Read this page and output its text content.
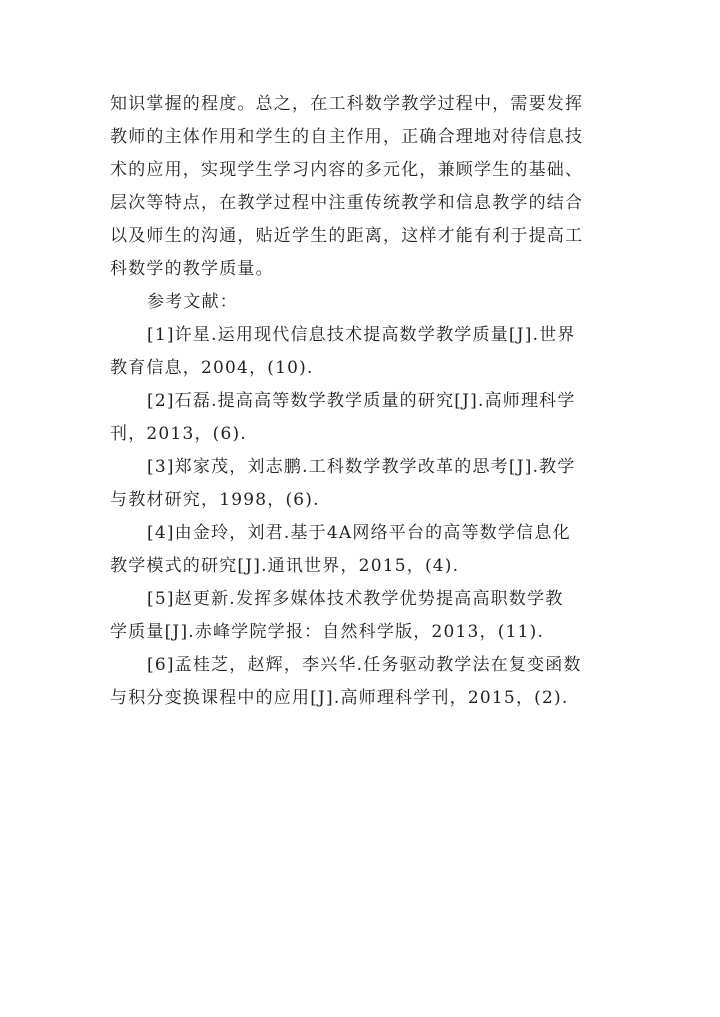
知识掌握的程度。总之，在工科数学教学过程中，需要发挥
教师的主体作用和学生的自主作用，正确合理地对待信息技
术的应用，实现学生学习内容的多元化，兼顾学生的基础、
层次等特点，在教学过程中注重传统教学和信息教学的结合
以及师生的沟通，贴近学生的距离，这样才能有利于提高工
科数学的教学质量。
参考文献：
[1]许星.运用现代信息技术提高数学教学质量[J].世界
教育信息，2004，(10).
[2]石磊.提高高等数学教学质量的研究[J].高师理科学
刊，2013，(6).
[3]郑家茂，刘志鹏.工科数学教学改革的思考[J].教学
与教材研究，1998，(6).
[4]由金玲，刘君.基于4A网络平台的高等数学信息化
教学模式的研究[J].通讯世界，2015，(4).
[5]赵更新.发挥多媒体技术教学优势提高高职数学教
学质量[J].赤峰学院学报：自然科学版，2013，(11).
[6]孟桂芝，赵辉，李兴华.任务驱动教学法在复变函数
与积分变换课程中的应用[J].高师理科学刊，2015，(2).
